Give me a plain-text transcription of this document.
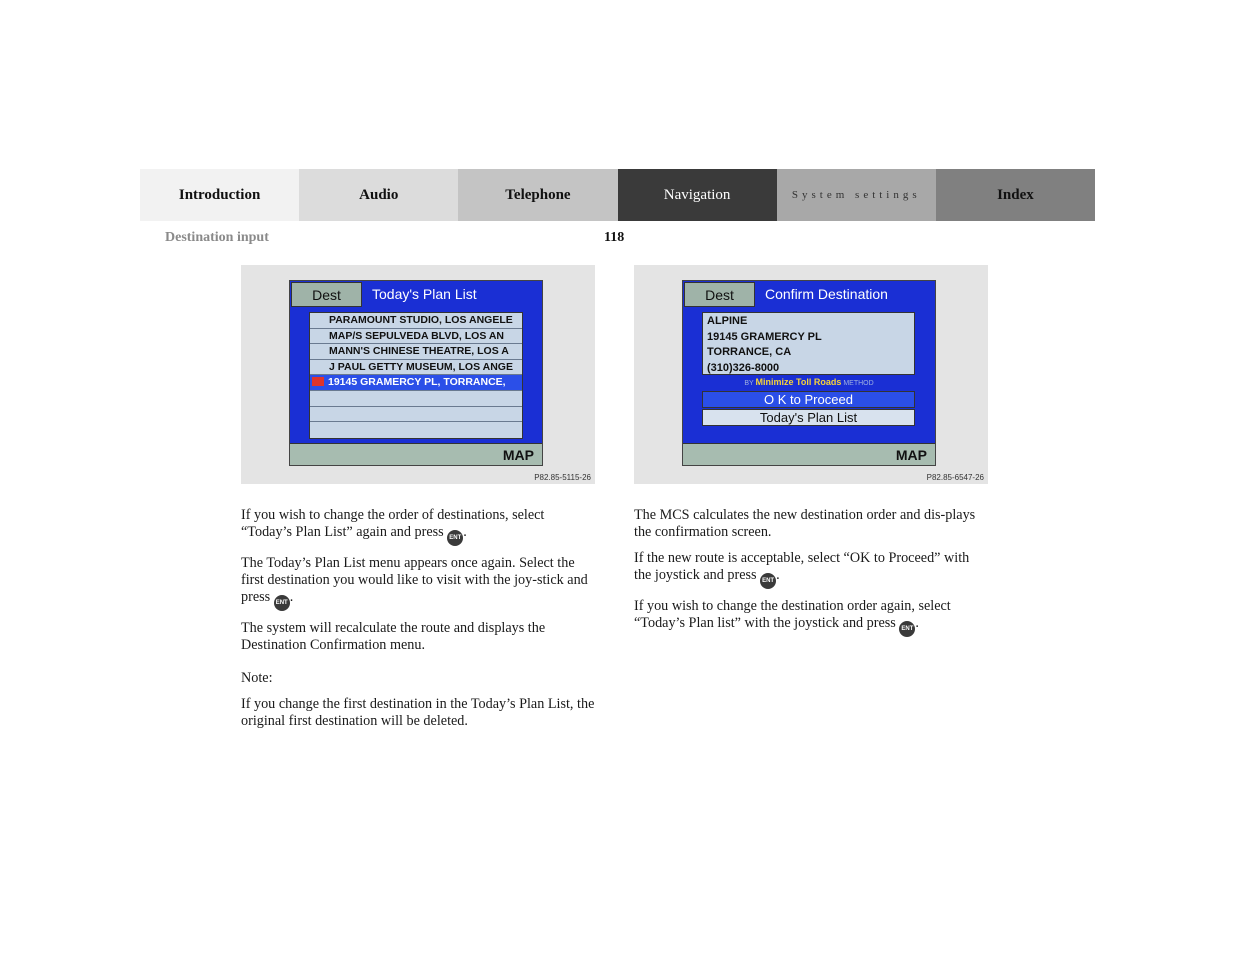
Introduction	Audio	Telephone	Navigation	System settings	Index
Destination input	118
Dest	Today's Plan List
PARAMOUNT STUDIO, LOS ANGELE
MAP/S SEPULVEDA BLVD, LOS AN
MANN'S CHINESE THEATRE, LOS A
J PAUL GETTY MUSEUM, LOS ANGE
19145 GRAMERCY PL, TORRANCE,
MAP
P82.85-5115-26
Dest	Confirm Destination
ALPINE
19145 GRAMERCY PL
TORRANCE, CA
(310)326-8000
BY Minimize Toll Roads METHOD
O K to Proceed
Today's Plan List
MAP
P82.85-6547-26

If you wish to change the order of destinations, select “Today’s Plan List” again and press ENT .

The Today’s Plan List menu appears once again. Select the first destination you would like to visit with the joy-stick and press ENT .

The system will recalculate the route and displays the Destination Confirmation menu.

Note:

If you change the first destination in the Today’s Plan List, the original first destination will be deleted.

The MCS calculates the new destination order and dis-plays the confirmation screen.

If the new route is acceptable, select “OK to Proceed” with the joystick and press ENT .

If you wish to change the destination order again, select “Today’s Plan list” with the joystick and press ENT .
